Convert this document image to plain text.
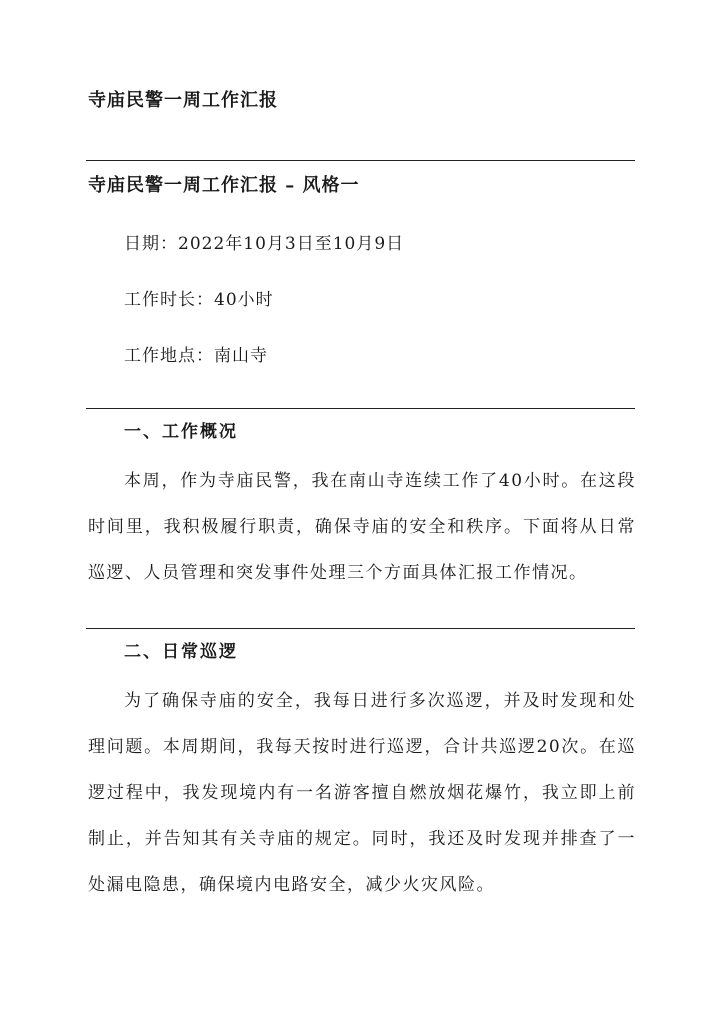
寺庙民警一周工作汇报
寺庙民警一周工作汇报 – 风格一
日期：2022年10月3日至10月9日
工作时长：40小时
工作地点：南山寺
一、工作概况
本周，作为寺庙民警，我在南山寺连续工作了40小时。在这段时间里，我积极履行职责，确保寺庙的安全和秩序。下面将从日常巡逻、人员管理和突发事件处理三个方面具体汇报工作情况。
二、日常巡逻
为了确保寺庙的安全，我每日进行多次巡逻，并及时发现和处理问题。本周期间，我每天按时进行巡逻，合计共巡逻20次。在巡逻过程中，我发现境内有一名游客擅自燃放烟花爆竹，我立即上前制止，并告知其有关寺庙的规定。同时，我还及时发现并排查了一处漏电隐患，确保境内电路安全，减少火灾风险。
